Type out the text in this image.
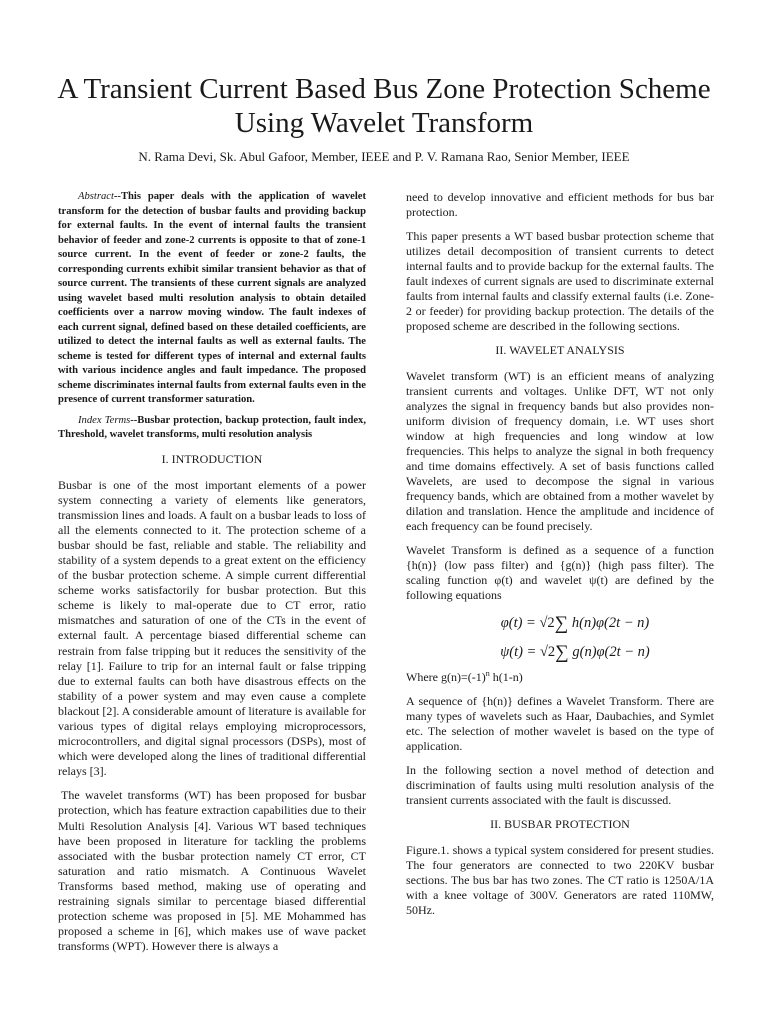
A Transient Current Based Bus Zone Protection Scheme Using Wavelet Transform

N. Rama Devi, Sk. Abul Gafoor, Member, IEEE and P. V. Ramana Rao, Senior Member, IEEE

Abstract--This paper deals with the application of wavelet transform for the detection of busbar faults and providing backup for external faults. In the event of internal faults the transient behavior of feeder and zone-2 currents is opposite to that of zone-1 source current. In the event of feeder or zone-2 faults, the corresponding currents exhibit similar transient behavior as that of source current. The transients of these current signals are analyzed using wavelet based multi resolution analysis to obtain detailed coefficients over a narrow moving window. The fault indexes of each current signal, defined based on these detailed coefficients, are utilized to detect the internal faults as well as external faults. The scheme is tested for different types of internal and external faults with various incidence angles and fault impedance. The proposed scheme discriminates internal faults from external faults even in the presence of current transformer saturation.

Index Terms--Busbar protection, backup protection, fault index, Threshold, wavelet transforms, multi resolution analysis

I. INTRODUCTION

Busbar is one of the most important elements of a power system connecting a variety of elements like generators, transmission lines and loads. A fault on a busbar leads to loss of all the elements connected to it. The protection scheme of a busbar should be fast, reliable and stable. The reliability and stability of a system depends to a great extent on the efficiency of the busbar protection scheme. A simple current differential scheme works satisfactorily for busbar protection. But this scheme is likely to mal-operate due to CT error, ratio mismatches and saturation of one of the CTs in the event of external fault. A percentage biased differential scheme can restrain from false tripping but it reduces the sensitivity of the relay [1]. Failure to trip for an internal fault or false tripping due to external faults can both have disastrous effects on the stability of a power system and may even cause a complete blackout [2]. A considerable amount of literature is available for various types of digital relays employing microprocessors, microcontrollers, and digital signal processors (DSPs), most of which were developed along the lines of traditional differential relays [3].

The wavelet transforms (WT) has been proposed for busbar protection, which has feature extraction capabilities due to their Multi Resolution Analysis [4]. Various WT based techniques have been proposed in literature for tackling the problems associated with the busbar protection namely CT error, CT saturation and ratio mismatch. A Continuous Wavelet Transforms based method, making use of operating and restraining signals similar to percentage biased differential protection scheme was proposed in [5]. ME Mohammed has proposed a scheme in [6], which makes use of wave packet transforms (WPT). However there is always a

need to develop innovative and efficient methods for bus bar protection.

This paper presents a WT based busbar protection scheme that utilizes detail decomposition of transient currents to detect internal faults and to provide backup for the external faults. The fault indexes of current signals are used to discriminate external faults from internal faults and classify external faults (i.e. Zone-2 or feeder) for providing backup protection. The details of the proposed scheme are described in the following sections.

II. WAVELET ANALYSIS

Wavelet transform (WT) is an efficient means of analyzing transient currents and voltages. Unlike DFT, WT not only analyzes the signal in frequency bands but also provides non-uniform division of frequency domain, i.e. WT uses short window at high frequencies and long window at low frequencies. This helps to analyze the signal in both frequency and time domains effectively. A set of basis functions called Wavelets, are used to decompose the signal in various frequency bands, which are obtained from a mother wavelet by dilation and translation. Hence the amplitude and incidence of each frequency can be found precisely.

Wavelet Transform is defined as a sequence of a function {h(n)} (low pass filter) and {g(n)} (high pass filter). The scaling function φ(t) and wavelet ψ(t) are defined by the following equations

φ(t) = √2∑ h(n)φ(2t − n)
ψ(t) = √2∑ g(n)φ(2t − n)

Where $g(n)=(-1)^n$ h(1-n)

A sequence of {h(n)} defines a Wavelet Transform. There are many types of wavelets such as Haar, Daubachies, and Symlet etc. The selection of mother wavelet is based on the type of application.

In the following section a novel method of detection and discrimination of faults using multi resolution analysis of the transient currents associated with the fault is discussed.

II. BUSBAR PROTECTION

Figure.1. shows a typical system considered for present studies. The four generators are connected to two 220KV busbar sections. The bus bar has two zones. The CT ratio is 1250A/1A with a knee voltage of 300V. Generators are rated 110MW, 50Hz.
